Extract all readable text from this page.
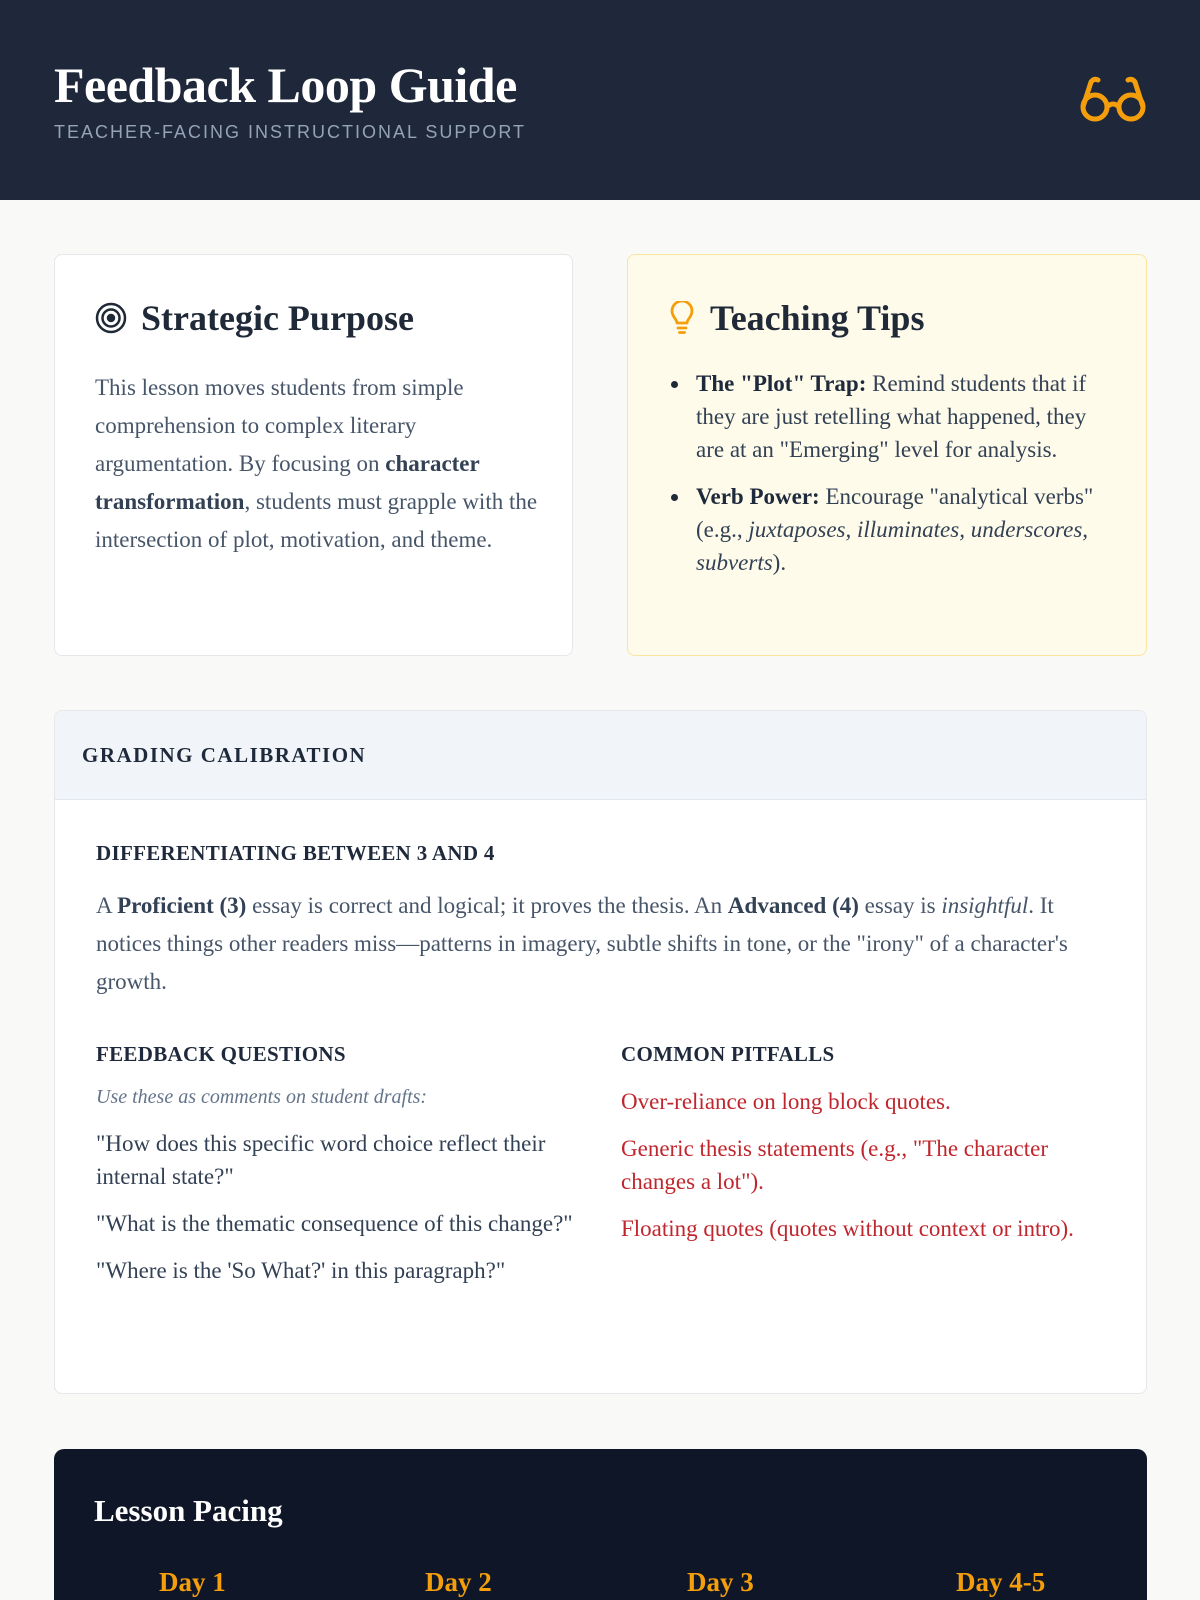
Feedback Loop Guide
TEACHER-FACING INSTRUCTIONAL SUPPORT
Strategic Purpose

This lesson moves students from simple comprehension to complex literary argumentation. By focusing on character transformation, students must grapple with the intersection of plot, motivation, and theme.

Teaching Tips
The "Plot" Trap: Remind students that if they are just retelling what happened, they are at an "Emerging" level for analysis.
Verb Power: Encourage "analytical verbs" (e.g., juxtaposes, illuminates, underscores, subverts).
GRADING CALIBRATION
DIFFERENTIATING BETWEEN 3 AND 4

A Proficient (3) essay is correct and logical; it proves the thesis. An Advanced (4) essay is insightful. It notices things other readers miss—patterns in imagery, subtle shifts in tone, or the "irony" of a character's growth.

FEEDBACK QUESTIONS
Use these as comments on student drafts:
"How does this specific word choice reflect their internal state?"
"What is the thematic consequence of this change?"
"Where is the 'So What?' in this paragraph?"
COMMON PITFALLS
Over-reliance on long block quotes.
Generic thesis statements (e.g., "The character changes a lot").
Floating quotes (quotes without context or intro).
Lesson Pacing
Day 1	Day 2	Day 3	Day 4-5
